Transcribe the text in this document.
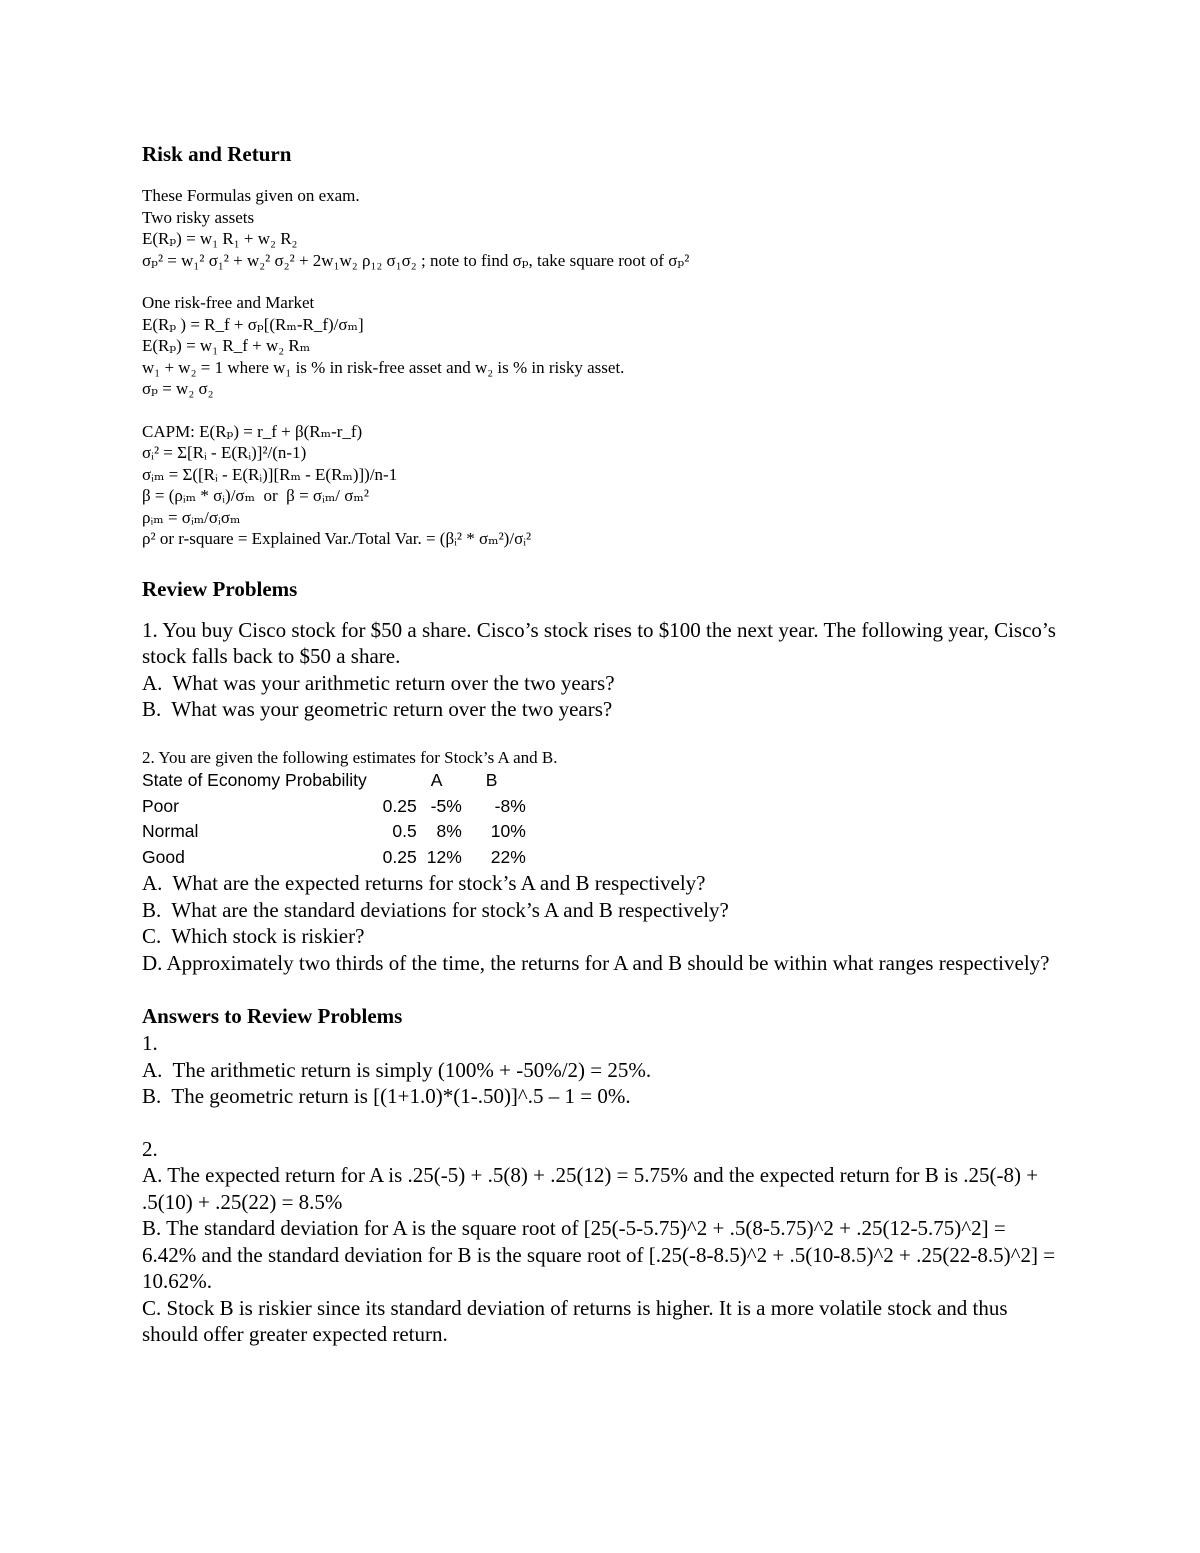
Risk and Return
These Formulas given on exam.
Two risky assets
E(Rₚ) = w₁ R₁ + w₂ R₂
σₚ² = w₁² σ₁² + w₂² σ₂² + 2w₁w₂ ρ₁₂ σ₁σ₂ ; note to find σₚ, take square root of σₚ²
One risk-free and Market
E(Rₚ ) = R_f + σₚ[(Rₘ-R_f)/σₘ]
E(Rₚ) = w₁ R_f + w₂ Rₘ
w₁ + w₂ = 1 where w₁ is % in risk-free asset and w₂ is % in risky asset.
σₚ = w₂ σ₂
CAPM: E(Rₚ) = r_f + β(Rₘ-r_f)
σᵢ² = Σ[Rᵢ - E(Rᵢ)]²/(n-1)
σᵢₘ = Σ([Rᵢ - E(Rᵢ)][Rₘ - E(Rₘ)])/n-1
β = (ρᵢₘ * σᵢ)/σₘ  or  β = σᵢₘ/ σₘ²
ρᵢₘ = σᵢₘ/σᵢσₘ
ρ² or r-square = Explained Var./Total Var. = (βᵢ² * σₘ²)/σᵢ²
Review Problems
1. You buy Cisco stock for $50 a share. Cisco’s stock rises to $100 the next year. The following year, Cisco’s stock falls back to $50 a share.
A.  What was your arithmetic return over the two years?
B.  What was your geometric return over the two years?
2. You are given the following estimates for Stock’s A and B.
State of Economy Probability		A	B
Poor	0.25	-5%	-8%
Normal	0.5	8%	10%
Good	0.25	12%	22%
A.  What are the expected returns for stock’s A and B respectively?
B.  What are the standard deviations for stock’s A and B respectively?
C.  Which stock is riskier?
D. Approximately two thirds of the time, the returns for A and B should be within what ranges respectively?
Answers to Review Problems
1.
A.  The arithmetic return is simply (100% + -50%/2) = 25%.
B.  The geometric return is [(1+1.0)*(1-.50)]^.5 – 1 = 0%.
2.
A. The expected return for A is .25(-5) + .5(8) + .25(12) = 5.75% and the expected return for B is .25(-8) + .5(10) + .25(22) = 8.5%
B. The standard deviation for A is the square root of [25(-5-5.75)^2 + .5(8-5.75)^2 + .25(12-5.75)^2] = 6.42% and the standard deviation for B is the square root of [.25(-8-8.5)^2 + .5(10-8.5)^2 + .25(22-8.5)^2] = 10.62%.
C. Stock B is riskier since its standard deviation of returns is higher. It is a more volatile stock and thus should offer greater expected return.
